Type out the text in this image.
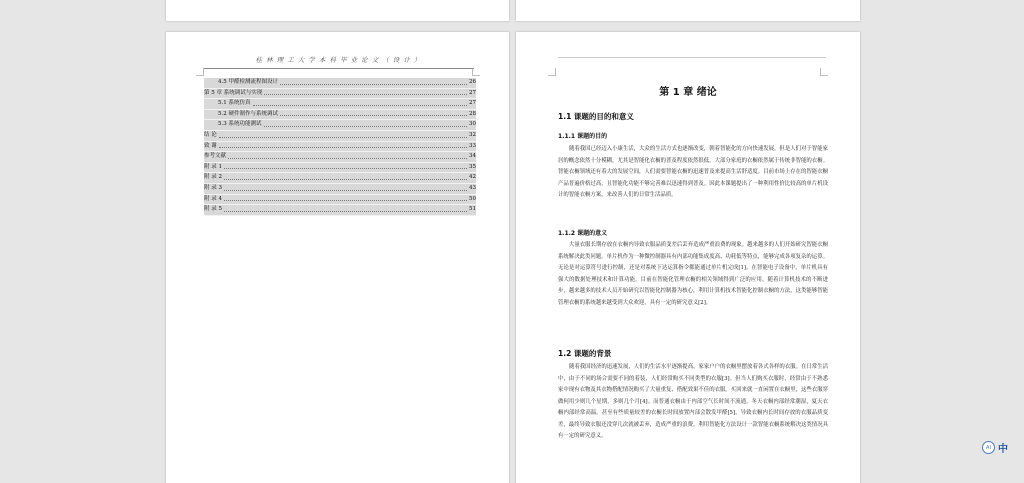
桂 林 理 工 大 学 本 科 毕 业 论 文 （ 设 计 ）
4.5 甲醛检测流程图设计	26
第 5 章 系统调试与实现	27
5.1 系统仿真	27
5.2 硬件制作与系统调试	28
5.3 系统功能测试	30
结 论	32
致 谢	33
参考文献	34
附 录 1	35
附 录 2	42
附 录 3	43
附 录 4	50
附 录 5	51
第 1 章 绪论
1.1 课题的目的和意义
1.1.1 课题的目的
随着我国已经迈入小康生活，大众的生活方式也逐渐改变，朝着智能化的方向快速发展。但是人们对于智能家居的概念依然十分模糊，尤其是智能化衣橱的普及程度依然很低。大部分家庭的衣橱依然属于传统非智能的衣橱。智能衣橱领域还有着大的发展空间，人们需要智能衣橱的迅速普及来提高生活舒适度。目前市场上存在的智能衣橱产品普遍价格过高，且智能化功能不够完善难以迅速得到普及。因此本课题提出了一种利用性价比较高的单片机设计的智能衣橱方案，来改善人们的日常生活品质。
1.1.2 课题的意义
大量衣服长期存放在衣橱内导致衣服品质变差后丢弃造成严重浪费的现象。越来越多的人们开始研究智能衣橱系统解决此类问题。单片机作为一种微控制器具有内部功能集成度高、功耗低等特点，能够完成各项复杂的运算。无论是对运算符号进行控制，还是对系统下达运算指令都能通过单片机完成[1]。在智能电子设备中，单片机具有强大的数据处理技术和计算功能，目前在智能化管理衣橱的相关领域得到广泛的应用。随着计算机技术的不断进步，越来越多的技术人员开始研究以智能化控制器为核心，利用计算机技术智能化控制衣橱的方法，这类能够智能管理衣橱的系统越来越受到大众欢迎，具有一定的研究意义[2]。
1.2 课题的背景
随着我国经济的迅速发展，人们的生活水平逐渐提高，家家户户的衣橱里摆放着各式各样的衣服。在日常生活中，由于不同的场合需要不同的着装，人们经常购买不同类型的衣服[3]。但当人们购买衣服时，经常由于不熟悉家中现有衣物及其衣物搭配情况购买了大量重复、搭配效果不佳的衣服。买回来就一直闲置在衣橱里，这些衣服穿做何用少则几个星期，多则几个月[4]。而普通衣橱由于内部空气长时间不流通，冬天衣橱内部经常潮湿，夏天衣橱内部经常高温。甚至有些质量较差的衣橱长时间放置内部会散发甲醛[5]。导致衣橱内长时间存放的衣服品质变差，最终导致衣服还没穿几次就被丢弃，造成严重的浪费。利用智能化方法设计一款智能衣橱系统解决这类情况具有一定的研究意义。
AI 中
